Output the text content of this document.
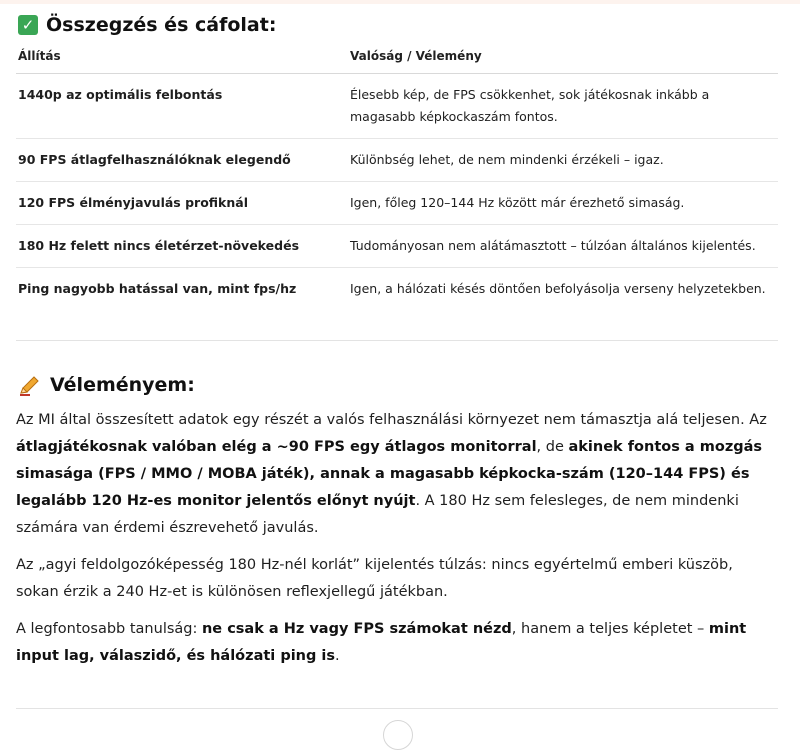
✓ Összegzés és cáfolat:
Állítás	Valóság / Vélemény
1440p az optimális felbontás	Élesebb kép, de FPS csökkenhet, sok játékosnak inkább a magasabb képkockaszám fontos.
90 FPS átlagfelhasználóknak elegendő	Különbség lehet, de nem mindenki érzékeli – igaz.
120 FPS élményjavulás profiknál	Igen, főleg 120–144 Hz között már érezhető simaság.
180 Hz felett nincs életérzet-növekedés	Tudományosan nem alátámasztott – túlzóan általános kijelentés.
Ping nagyobb hatással van, mint fps/hz	Igen, a hálózati késés döntően befolyásolja verseny helyzetekben.
Véleményem:

Az MI által összesített adatok egy részét a valós felhasználási környezet nem támasztja alá teljesen. Az átlagjátékosnak valóban elég a ~90 FPS egy átlagos monitorral, de akinek fontos a mozgás simasága (FPS / MMO / MOBA játék), annak a magasabb képkocka-szám (120–144 FPS) és legalább 120 Hz-es monitor jelentős előnyt nyújt. A 180 Hz sem felesleges, de nem mindenki számára van érdemi észrevehető javulás.

Az „agyi feldolgozóképesség 180 Hz-nél korlát” kijelentés túlzás: nincs egyértelmű emberi küszöb, sokan érzik a 240 Hz-et is különösen reflexjellegű játékban.

A legfontosabb tanulság: ne csak a Hz vagy FPS számokat nézd, hanem a teljes képletet – mint input lag, válaszidő, és hálózati ping is.
